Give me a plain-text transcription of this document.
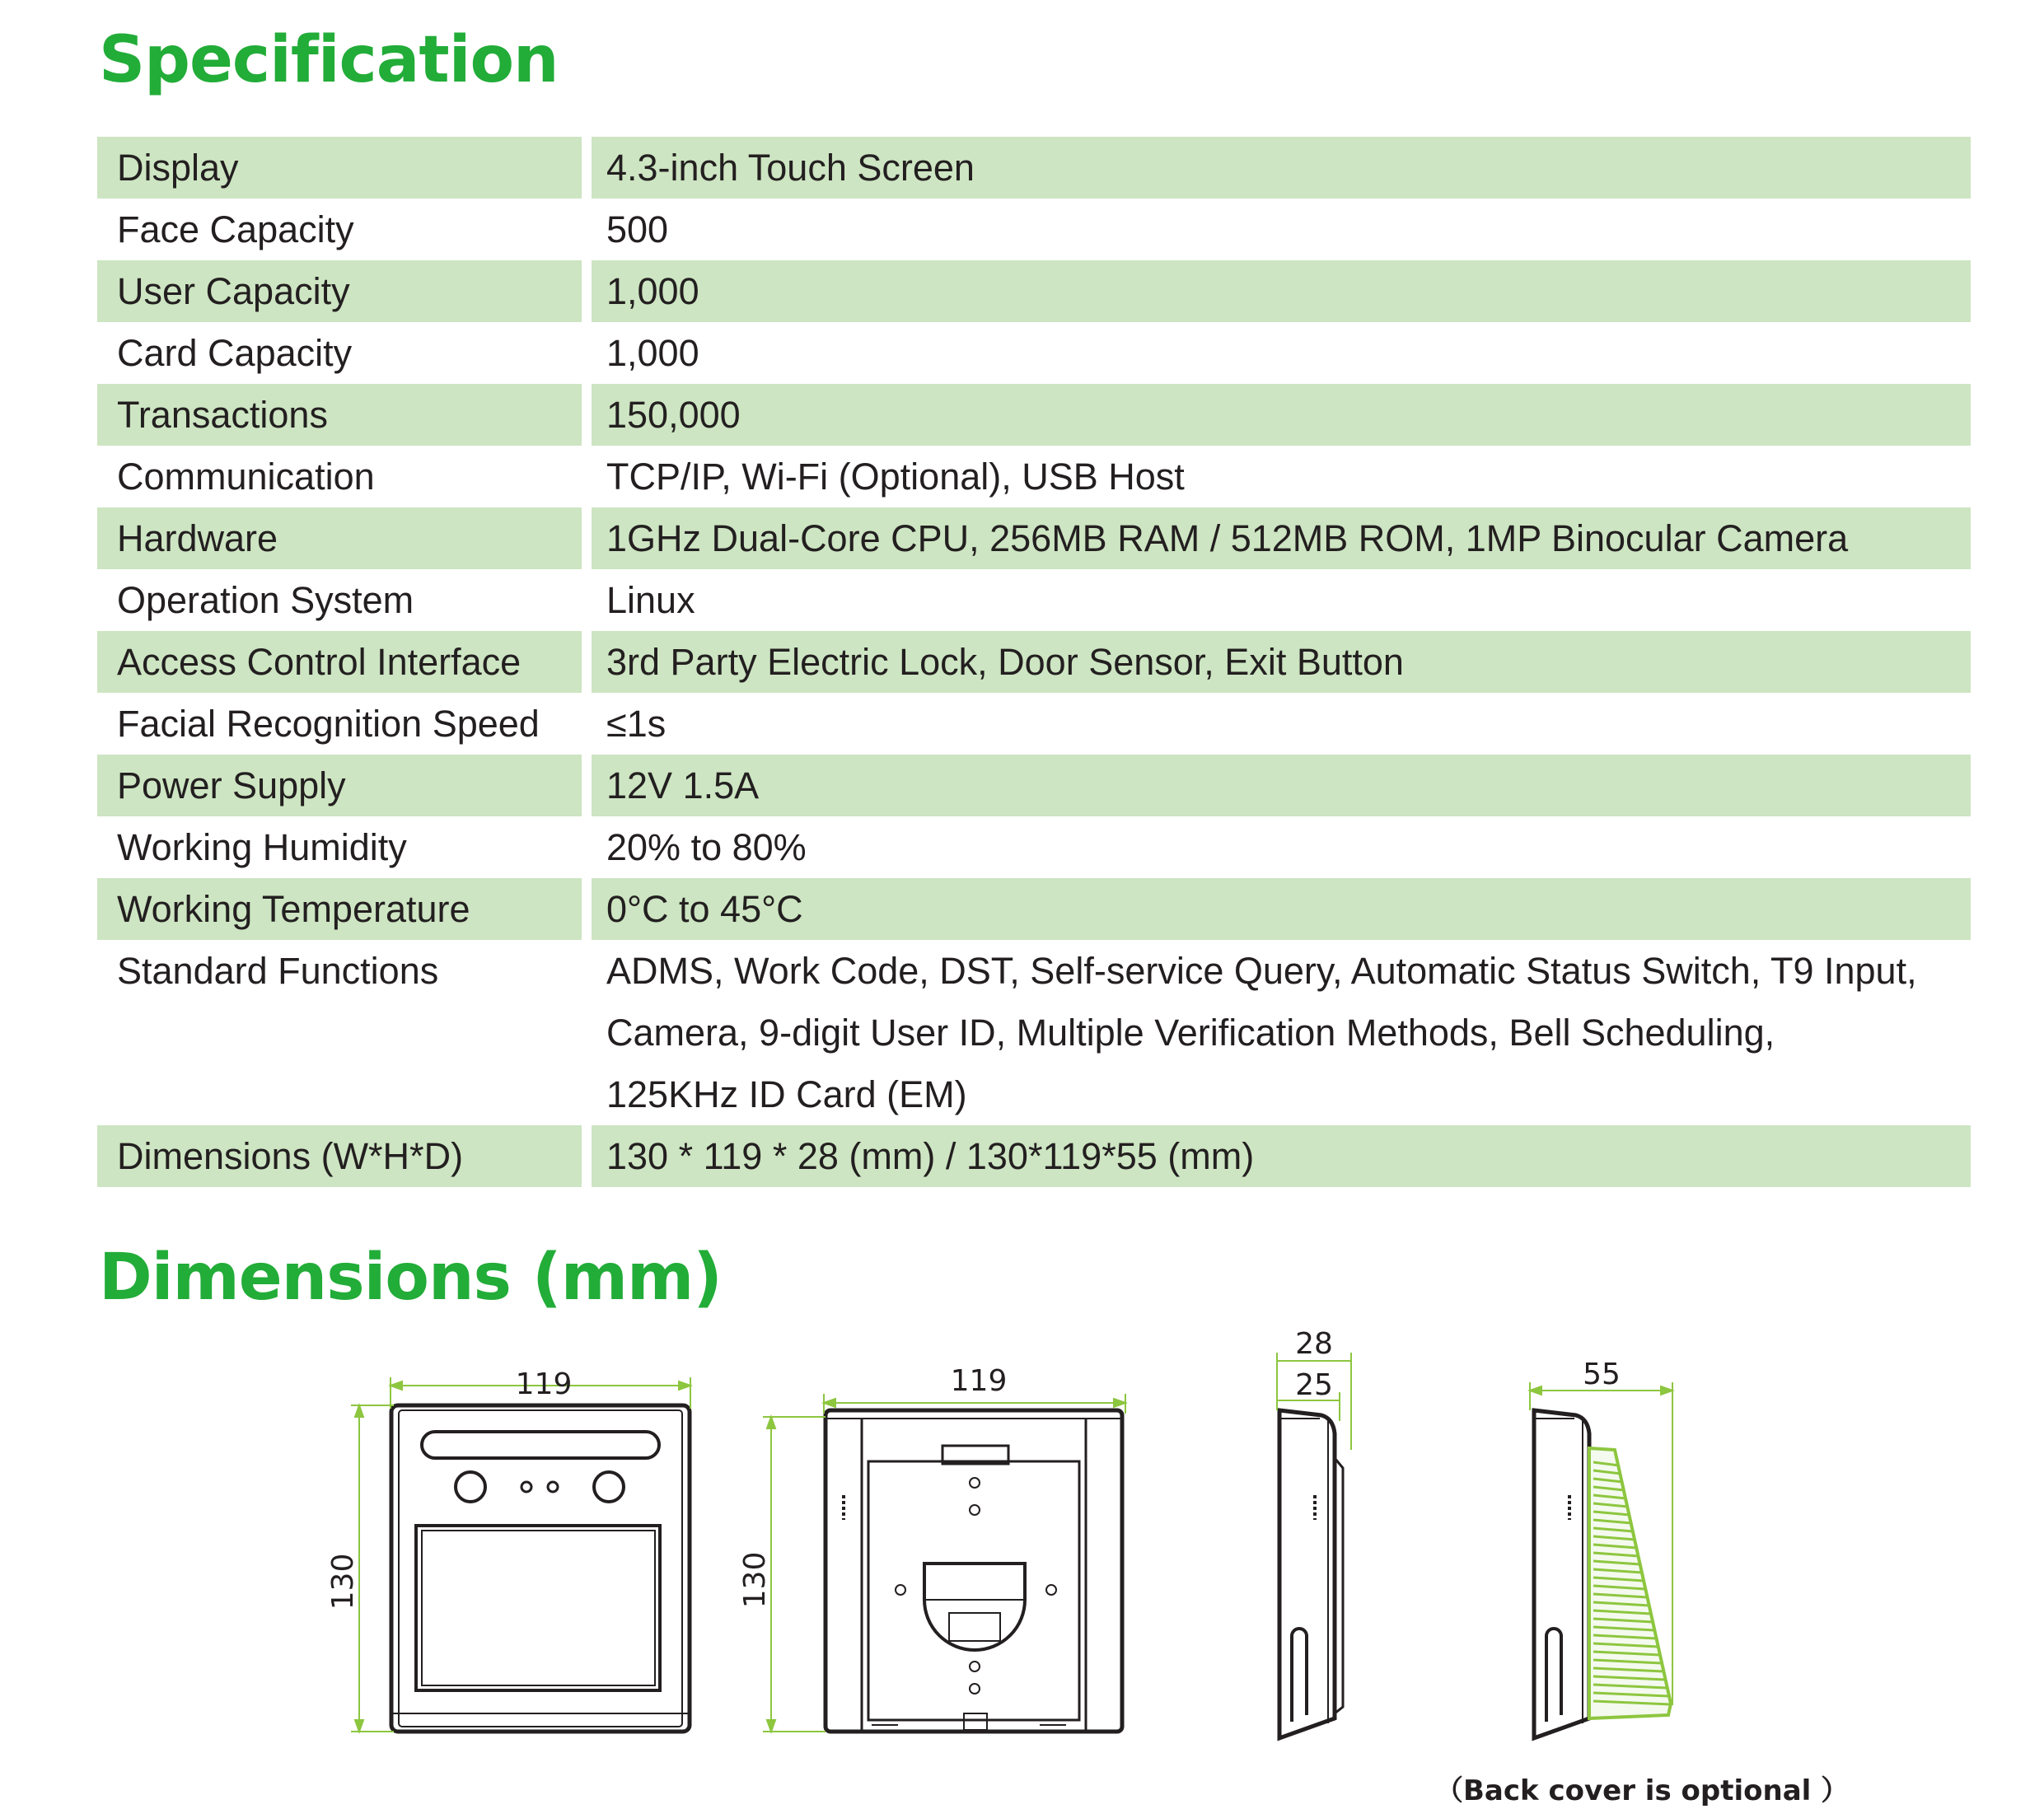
Specification
Display	4.3-inch Touch Screen
Face Capacity	500
User Capacity	1,000
Card Capacity	1,000
Transactions	150,000
Communication	TCP/IP, Wi-Fi (Optional), USB Host
Hardware	1GHz Dual-Core CPU, 256MB RAM / 512MB ROM, 1MP Binocular Camera
Operation System	Linux
Access Control Interface	3rd Party Electric Lock, Door Sensor, Exit Button
Facial Recognition Speed	≤1s
Power Supply	12V 1.5A
Working Humidity	20% to 80%
Working Temperature	0°C to 45°C
Standard Functions	ADMS, Work Code, DST, Self-service Query, Automatic Status Switch, T9 Input,
Camera, 9-digit User ID, Multiple Verification Methods, Bell Scheduling,
125KHz ID Card (EM)
Dimensions (W*H*D)	130 * 119 * 28 (mm) / 130*119*55 (mm)
Dimensions (mm)
119
130
119
130
28
25	55
（Back cover is optional ）
